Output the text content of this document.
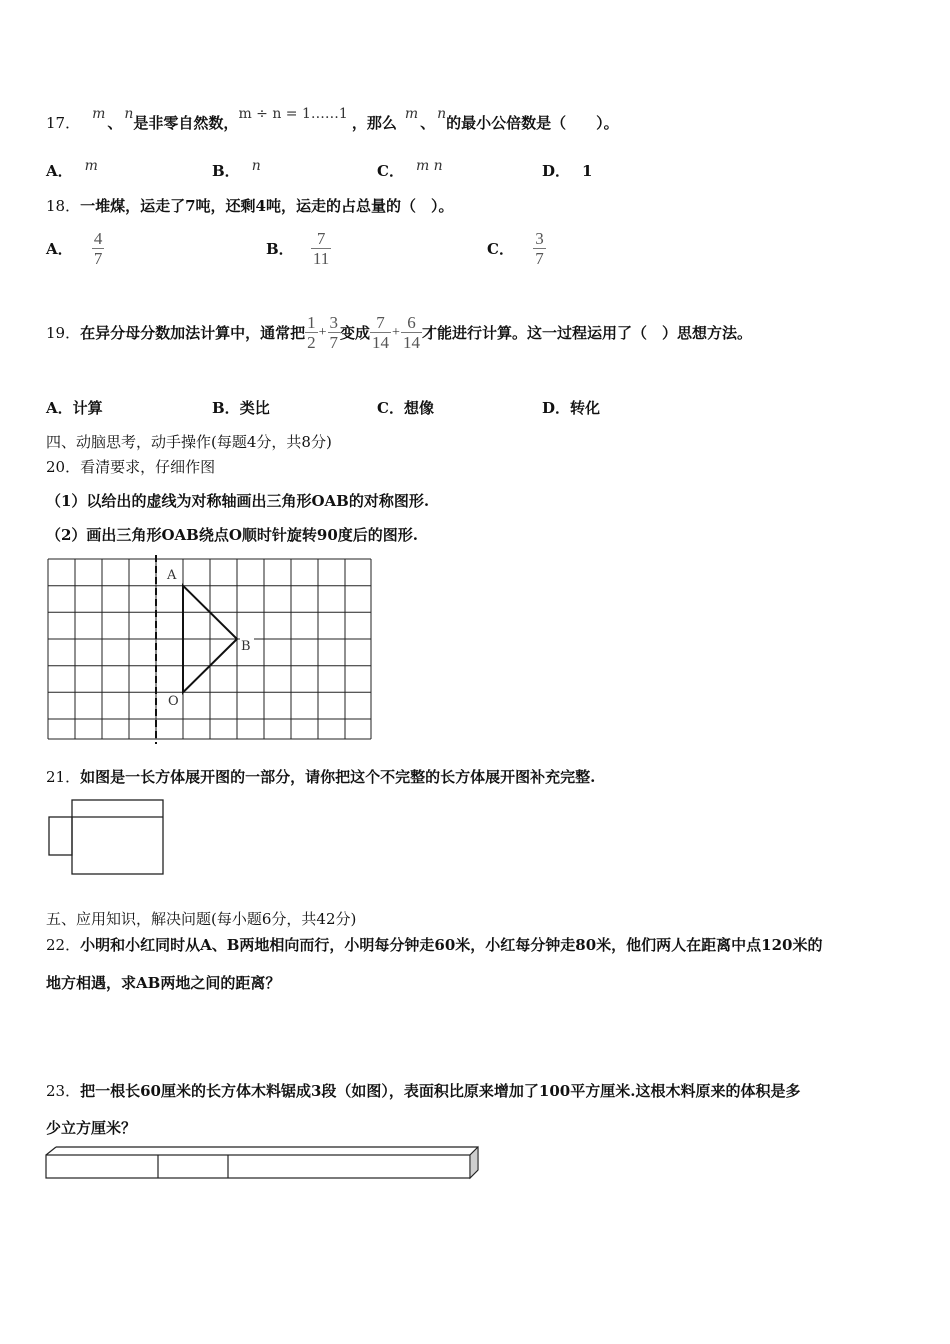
17． m 、 n是非零自然数，m ÷ n = 1……1 ，那么 m 、 n的最小公倍数是（　　）。
A． m	B． n	C． m n	D． 1
18．一堆煤，运走了7吨，还剩4吨，运走的占总量的（　）。
A． $\frac{4}{7}$	B． $\frac{7}{11}$	C． $\frac{3}{7}$
19．在异分母分数加法计算中，通常把 $\frac{1}{2} + \frac{3}{7}$ 变成 $\frac{7}{14} + \frac{6}{14}$ 才能进行计算。这一过程运用了（　）思想方法。
A．计算	B．类比	C．想像	D．转化
四、动脑思考，动手操作(每题4分，共8分)
20．看清要求，仔细作图
（1）以给出的虚线为对称轴画出三角形OAB的对称图形.
（2）画出三角形OAB绕点O顺时针旋转90度后的图形.
A
B
O
21．如图是一长方体展开图的一部分，请你把这个不完整的长方体展开图补充完整.
五、应用知识，解决问题(每小题6分，共42分)
22．小明和小红同时从A、B两地相向而行，小明每分钟走60米，小红每分钟走80米，他们两人在距离中点120米的
地方相遇，求AB两地之间的距离？
23．把一根长60厘米的长方体木料锯成3段（如图），表面积比原来增加了100平方厘米.这根木料原来的体积是多
少立方厘米？
